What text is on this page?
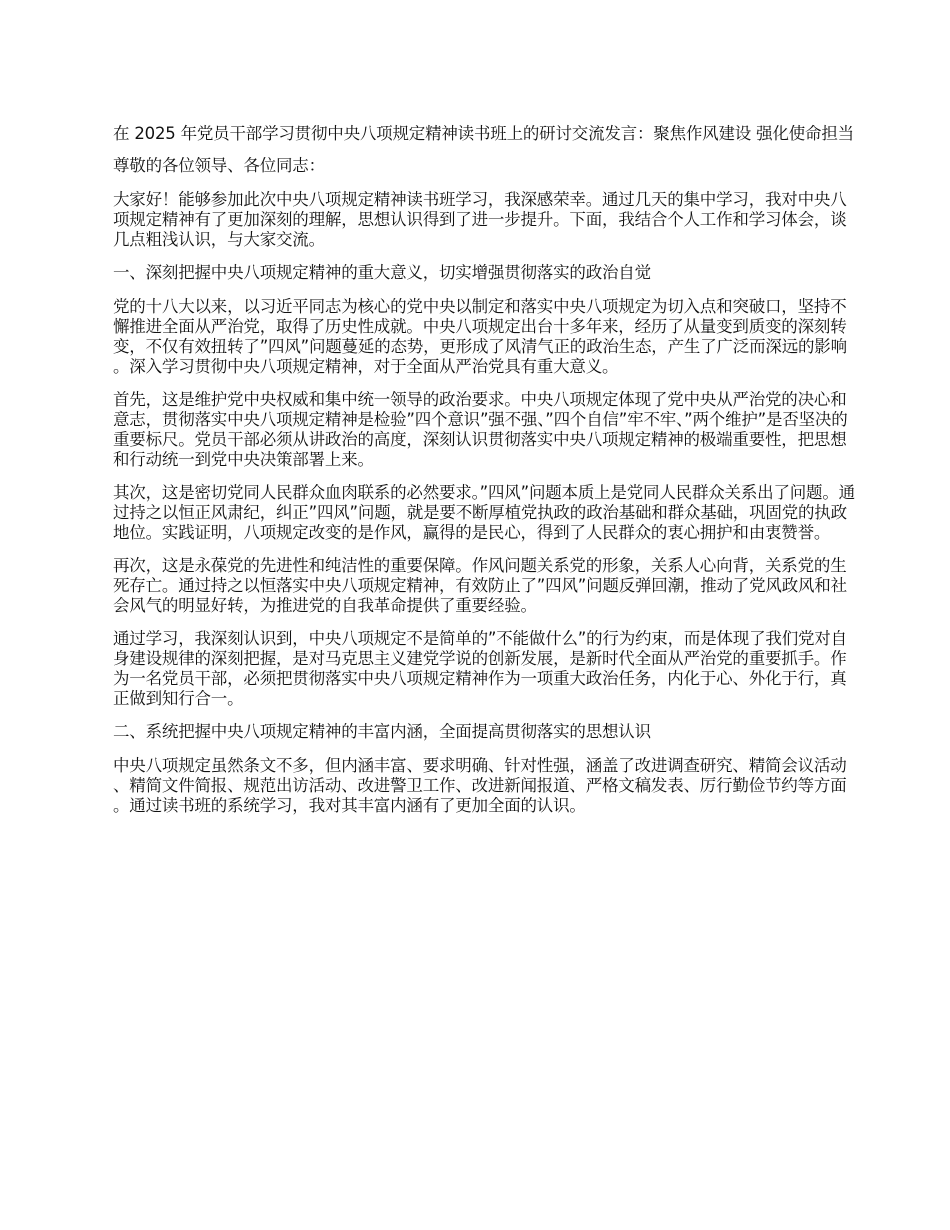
在 2025 年党员干部学习贯彻中央八项规定精神读书班上的研讨交流发言：聚焦作风建设 强化使命担当

尊敬的各位领导、各位同志：

大家好！能够参加此次中央八项规定精神读书班学习，我深感荣幸。通过几天的集中学习，我对中央八项规定精神有了更加深刻的理解，思想认识得到了进一步提升。下面，我结合个人工作和学习体会，谈几点粗浅认识，与大家交流。

一、深刻把握中央八项规定精神的重大意义，切实增强贯彻落实的政治自觉

党的十八大以来，以习近平同志为核心的党中央以制定和落实中央八项规定为切入点和突破口，坚持不懈推进全面从严治党，取得了历史性成就。中央八项规定出台十多年来，经历了从量变到质变的深刻转变，不仅有效扭转了”四风”问题蔓延的态势，更形成了风清气正的政治生态，产生了广泛而深远的影响。深入学习贯彻中央八项规定精神，对于全面从严治党具有重大意义。

首先，这是维护党中央权威和集中统一领导的政治要求。中央八项规定体现了党中央从严治党的决心和意志，贯彻落实中央八项规定精神是检验”四个意识”强不强、”四个自信”牢不牢、”两个维护”是否坚决的重要标尺。党员干部必须从讲政治的高度，深刻认识贯彻落实中央八项规定精神的极端重要性，把思想和行动统一到党中央决策部署上来。

其次，这是密切党同人民群众血肉联系的必然要求。”四风”问题本质上是党同人民群众关系出了问题。通过持之以恒正风肃纪，纠正”四风”问题，就是要不断厚植党执政的政治基础和群众基础，巩固党的执政地位。实践证明，八项规定改变的是作风，赢得的是民心，得到了人民群众的衷心拥护和由衷赞誉。

再次，这是永葆党的先进性和纯洁性的重要保障。作风问题关系党的形象，关系人心向背，关系党的生死存亡。通过持之以恒落实中央八项规定精神，有效防止了”四风”问题反弹回潮，推动了党风政风和社会风气的明显好转，为推进党的自我革命提供了重要经验。

通过学习，我深刻认识到，中央八项规定不是简单的”不能做什么”的行为约束，而是体现了我们党对自身建设规律的深刻把握，是对马克思主义建党学说的创新发展，是新时代全面从严治党的重要抓手。作为一名党员干部，必须把贯彻落实中央八项规定精神作为一项重大政治任务，内化于心、外化于行，真正做到知行合一。

二、系统把握中央八项规定精神的丰富内涵，全面提高贯彻落实的思想认识

中央八项规定虽然条文不多，但内涵丰富、要求明确、针对性强，涵盖了改进调查研究、精简会议活动、精简文件简报、规范出访活动、改进警卫工作、改进新闻报道、严格文稿发表、厉行勤俭节约等方面。通过读书班的系统学习，我对其丰富内涵有了更加全面的认识。
